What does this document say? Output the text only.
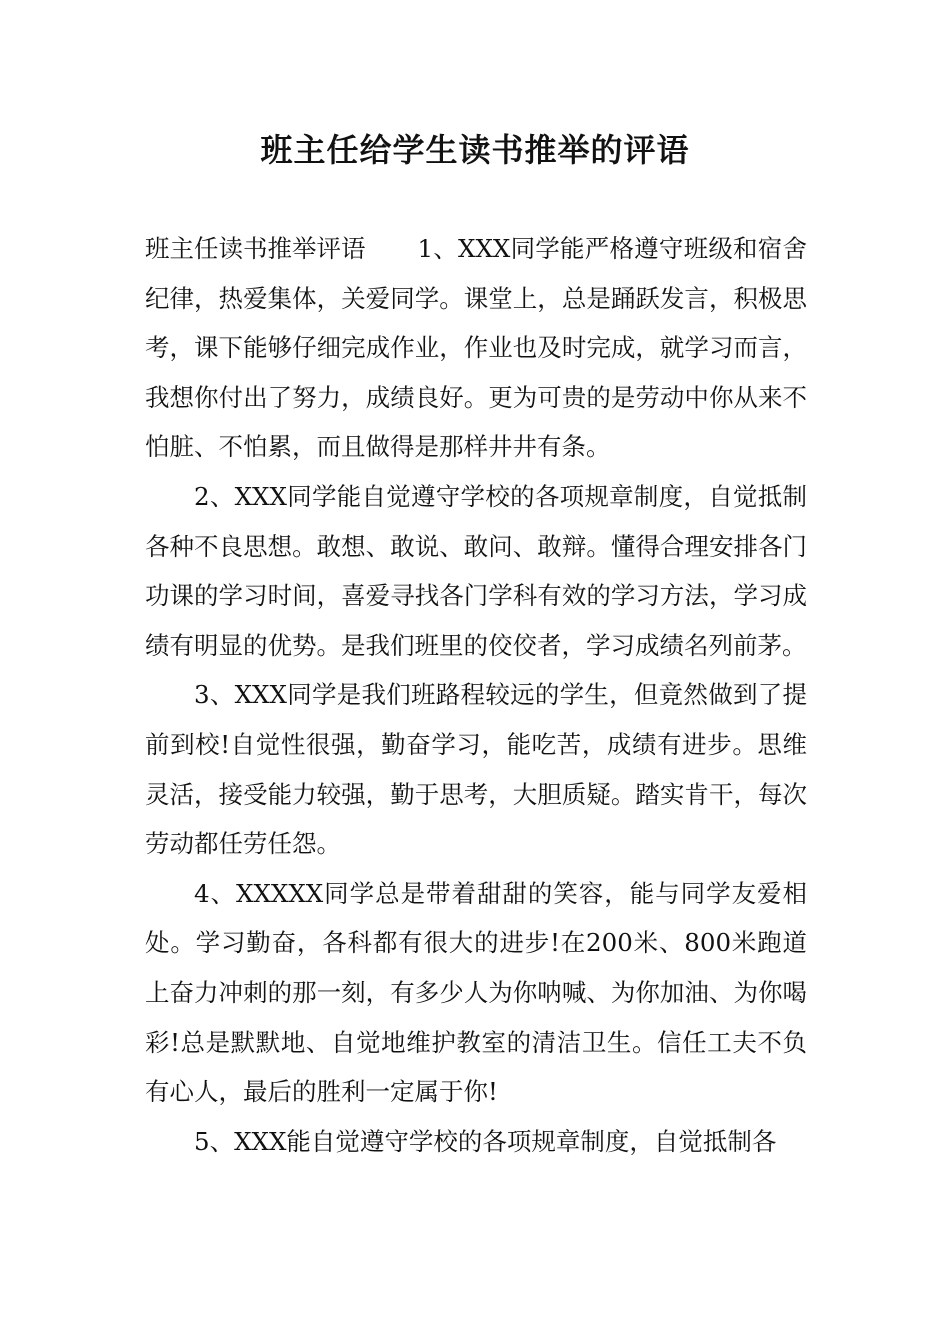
班主任给学生读书推举的评语

班主任读书推举评语 1、XXX同学能严格遵守班级和宿舍纪律，热爱集体，关爱同学。课堂上，总是踊跃发言，积极思考，课下能够仔细完成作业，作业也及时完成，就学习而言，我想你付出了努力，成绩良好。更为可贵的是劳动中你从来不怕脏、不怕累，而且做得是那样井井有条。

2、XXX同学能自觉遵守学校的各项规章制度，自觉抵制各种不良思想。敢想、敢说、敢问、敢辩。懂得合理安排各门功课的学习时间，喜爱寻找各门学科有效的学习方法，学习成绩有明显的优势。是我们班里的佼佼者，学习成绩名列前茅。

3、XXX同学是我们班路程较远的学生，但竟然做到了提前到校!自觉性很强，勤奋学习，能吃苦，成绩有进步。思维灵活，接受能力较强，勤于思考，大胆质疑。踏实肯干，每次劳动都任劳任怨。

4、XXXXX同学总是带着甜甜的笑容，能与同学友爱相处。学习勤奋，各科都有很大的进步!在200米、800米跑道上奋力冲刺的那一刻，有多少人为你呐喊、为你加油、为你喝彩!总是默默地、自觉地维护教室的清洁卫生。信任工夫不负有心人，最后的胜利一定属于你!

5、XXX能自觉遵守学校的各项规章制度，自觉抵制各
